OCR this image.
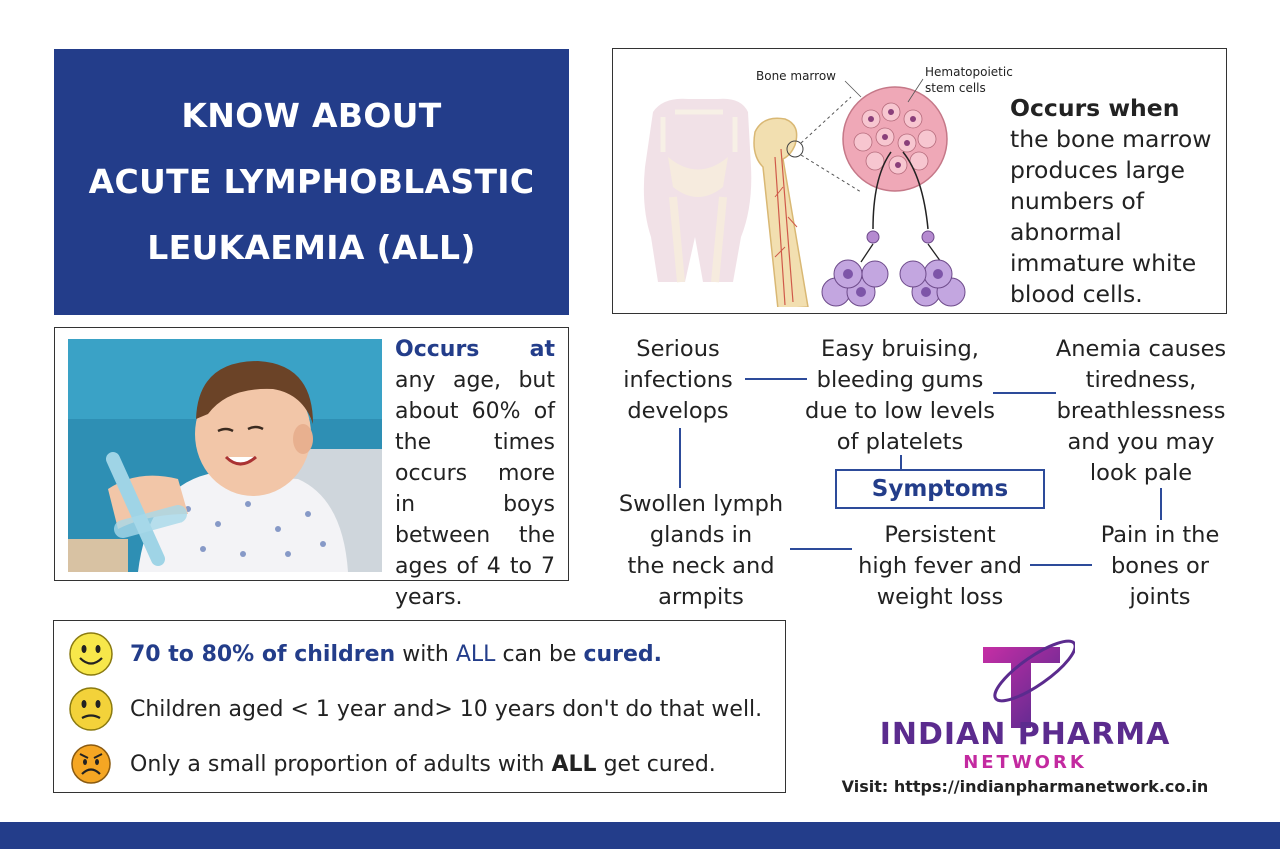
KNOW ABOUT
ACUTE LYMPHOBLASTIC
LEUKAEMIA (ALL)
Bone marrow	Hematopoietic
stem cells
Occurs when the bone marrow produces large numbers of abnormal immature white blood cells.
Occurs at any age, but about 60% of the times occurs more in boys between the ages of 4 to 7 years.
Serious
infections
develops
Easy bruising,
bleeding gums
due to low levels
of platelets
Anemia causes
tiredness,
breathlessness
and you may
look pale
Swollen lymph
glands in
the neck and
armpits
Persistent
high fever and
weight loss
Pain in the
bones or
joints
Symptoms
70 to 80% of children with ALL can be cured.
Children aged < 1 year and> 10 years don't do that well.
Only a small proportion of adults with ALL get cured.
INDIAN PHARMA
NETWORK
Visit: https://indianpharmanetwork.co.in
